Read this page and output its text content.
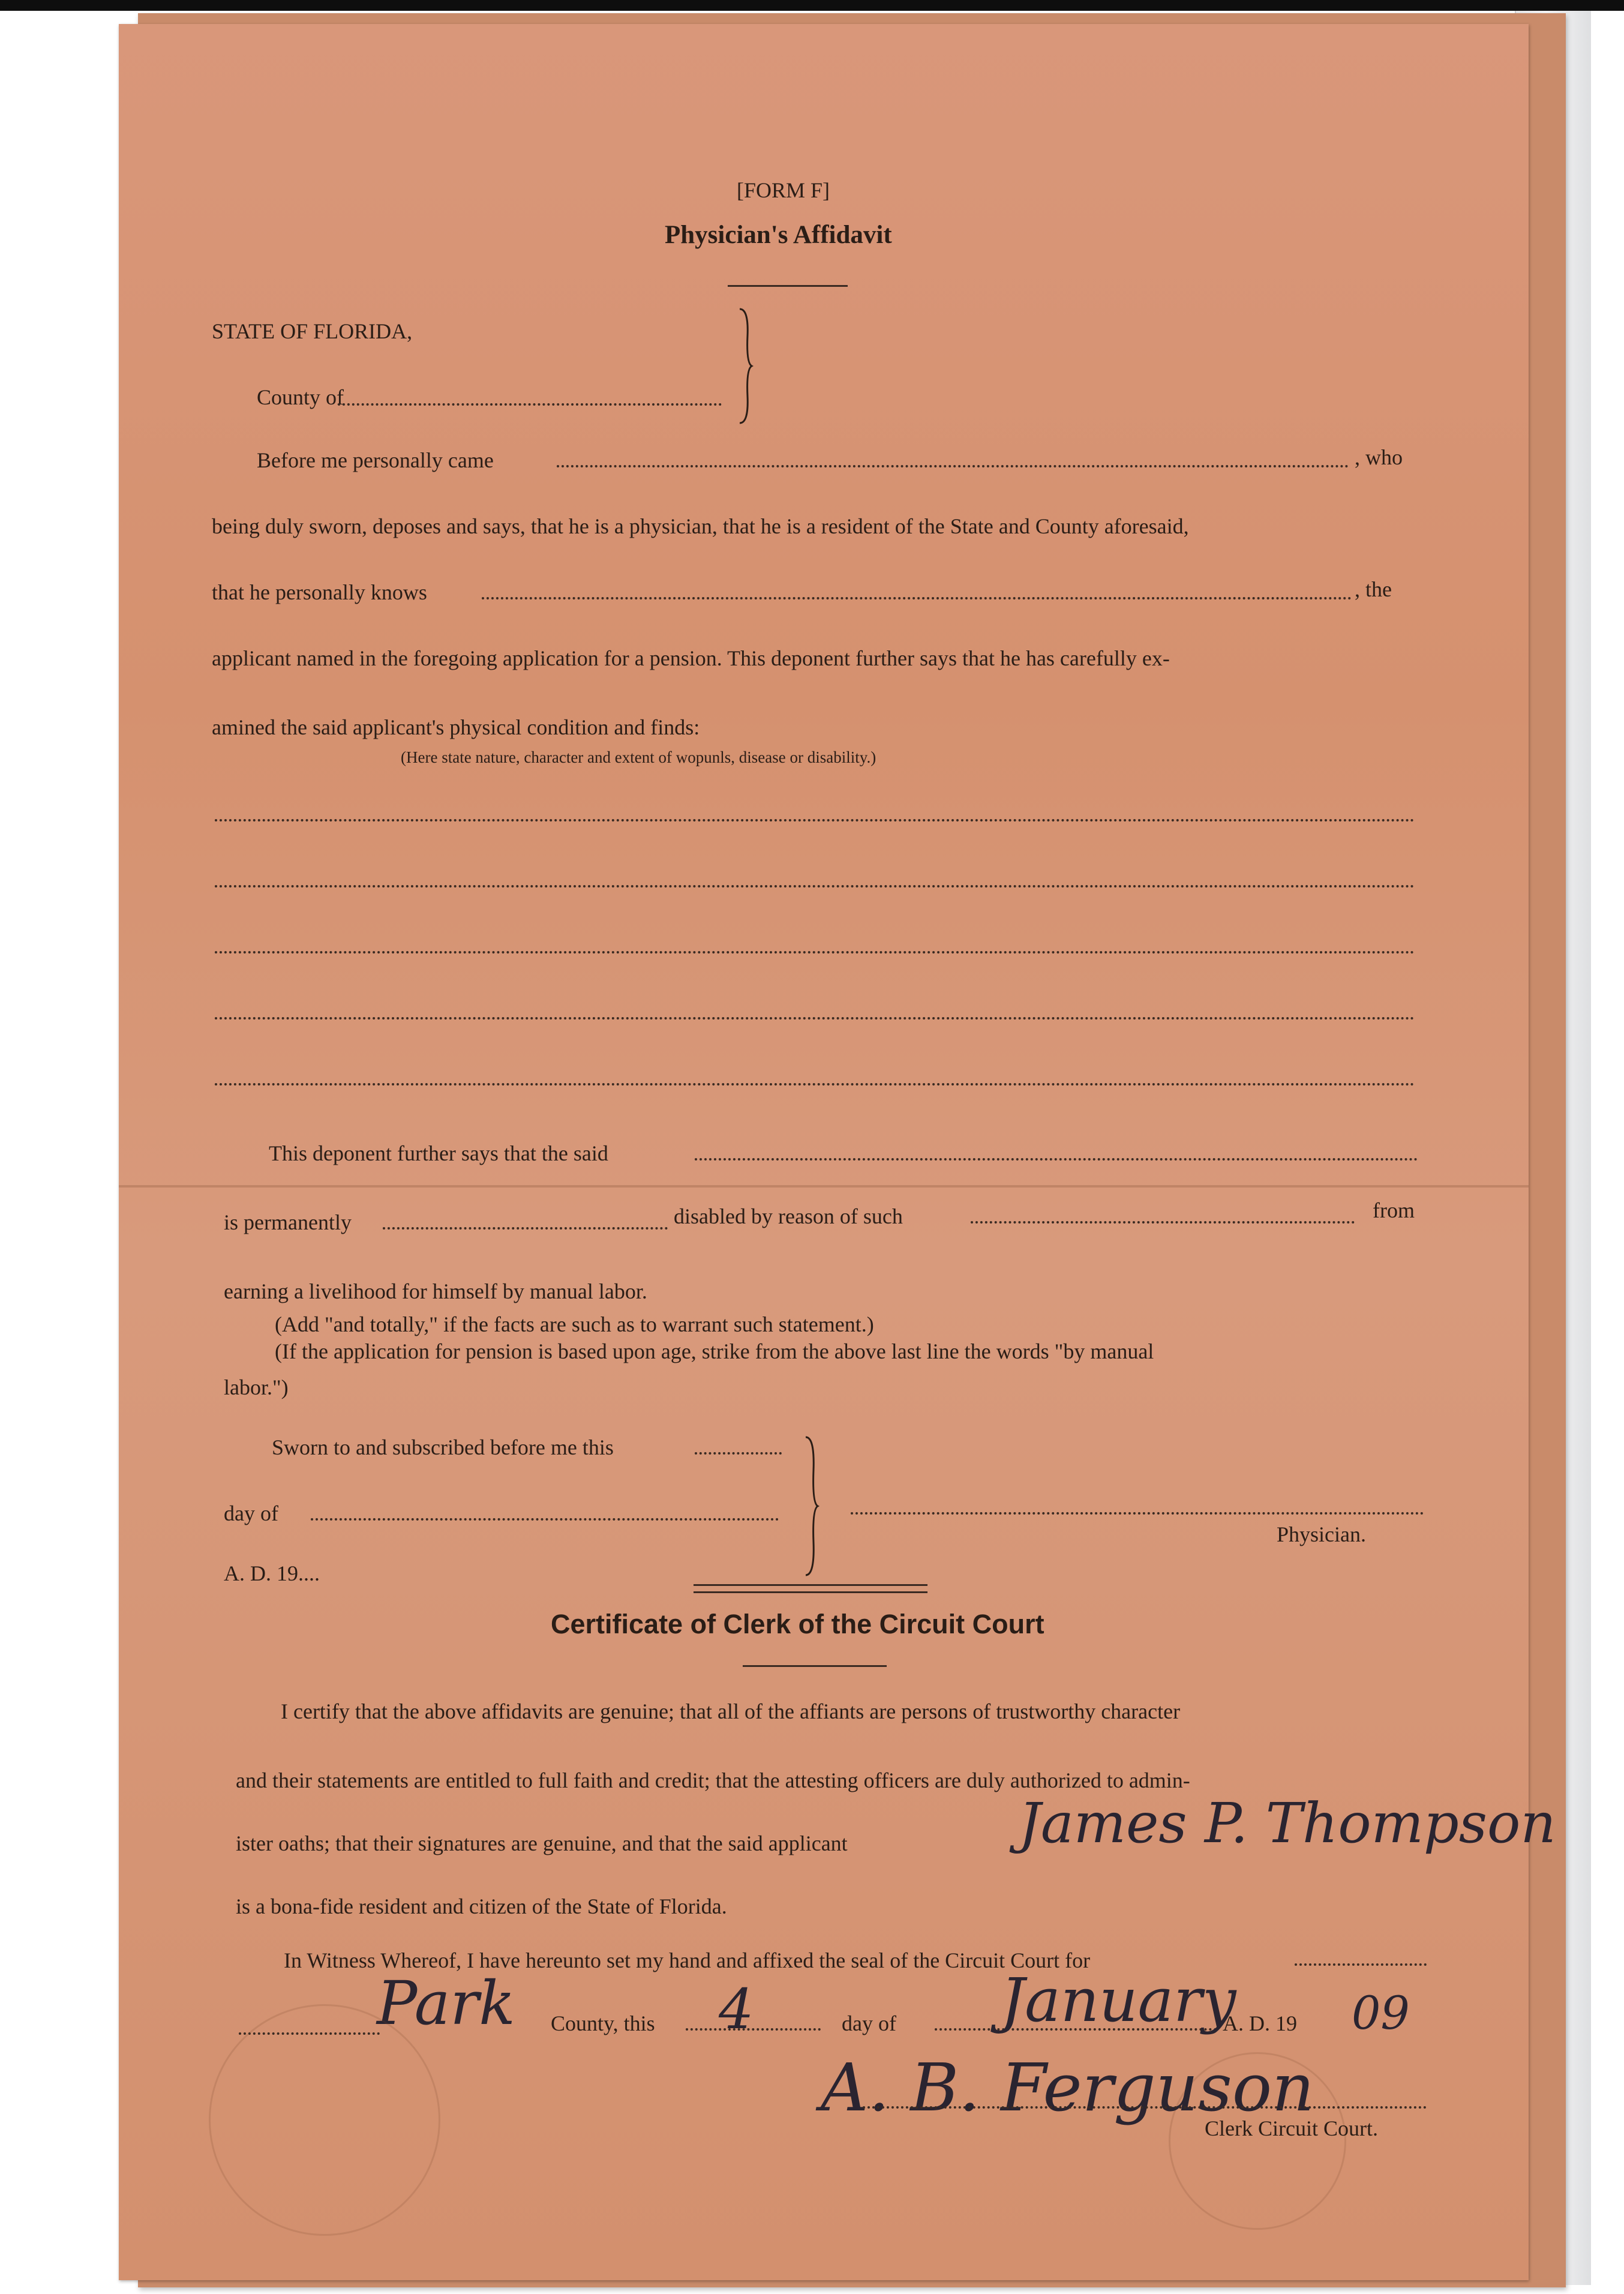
[FORM F]
Physician's Affidavit
STATE OF FLORIDA,
County of
Before me personally came	, who
being duly sworn, deposes and says, that he is a physician, that he is a resident of the State and County aforesaid,
that he personally knows	, the
applicant named in the foregoing application for a pension. This deponent further says that he has carefully ex-
amined the said applicant's physical condition and finds:
(Here state nature, character and extent of wopunls, disease or disability.)
This deponent further says that the said
is permanently	disabled by reason of such	from
earning a livelihood for himself by manual labor.
(Add "and totally," if the facts are such as to warrant such statement.)
(If the application for pension is based upon age, strike from the above last line the words "by manual
labor.")
Sworn to and subscribed before me this
day of
A. D. 19....
Physician.
Certificate of Clerk of the Circuit Court
I certify that the above affidavits are genuine; that all of the affiants are persons of trustworthy character
and their statements are entitled to full faith and credit; that the attesting officers are duly authorized to admin-
ister oaths; that their signatures are genuine, and that the said applicant	James P. Thompson
is a bona-fide resident and citizen of the State of Florida.
In Witness Whereof, I have hereunto set my hand and affixed the seal of the Circuit Court for
Park County, this 4	day of January
A. D. 19 09
A. B. Ferguson
Clerk Circuit Court.
